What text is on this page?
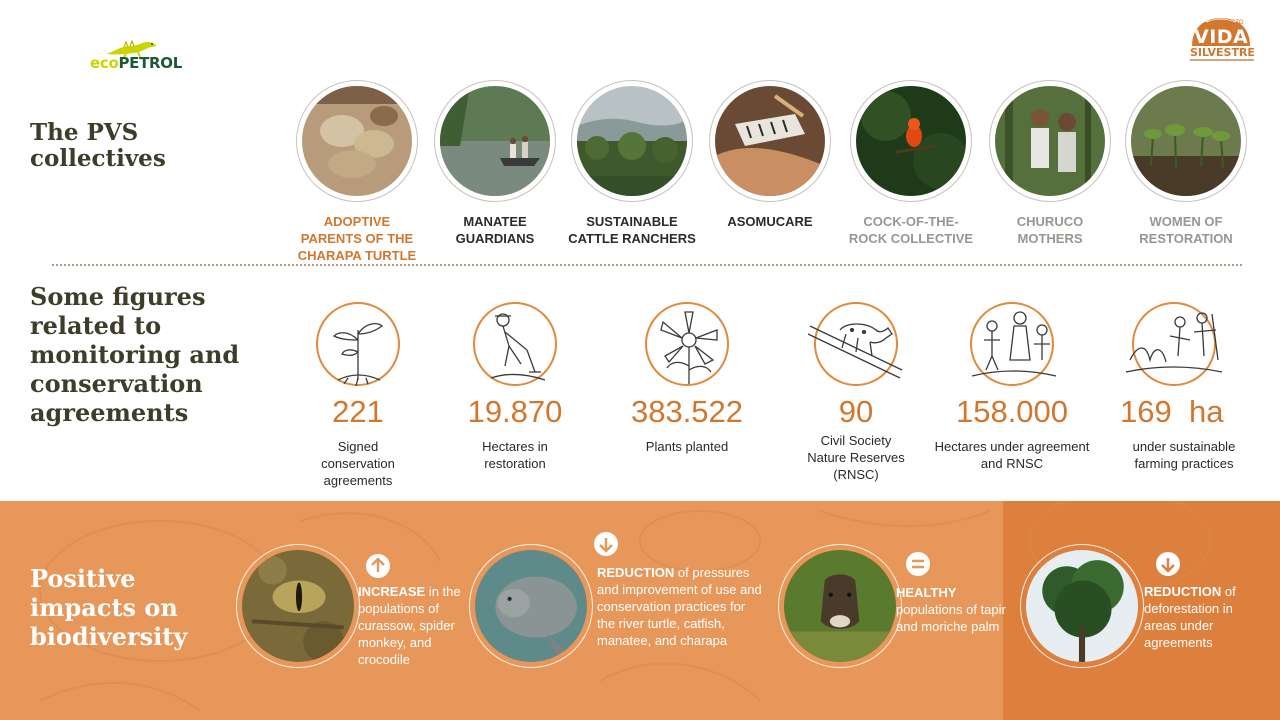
ecoPETROL
PROYECTO
VIDA
SILVESTRE
The PVS collectives
ADOPTIVE PARENTS OF THE CHARAPA TURTLE
MANATEE GUARDIANS
SUSTAINABLE CATTLE RANCHERS
ASOMUCARE	COCK-OF-THE-ROCK COLLECTIVE
CHURUCO MOTHERS
WOMEN OF RESTORATION
Some figures related to monitoring and conservation agreements	221
Signed conservation agreements
19.870
Hectares in restoration
383.522
Plants planted
90
Civil Society Nature Reserves (RNSC)
158.000
Hectares under agreement and RNSC
169  ha
under sustainable farming practices
Positive impacts on biodiversity
INCREASE in the populations of curassow, spider monkey, and crocodile
REDUCTION of pressures and improvement of use and conservation practices for the river turtle, catfish, manatee, and charapa
HEALTHY populations of tapir and moriche palm
REDUCTION of deforestation in areas under agreements
